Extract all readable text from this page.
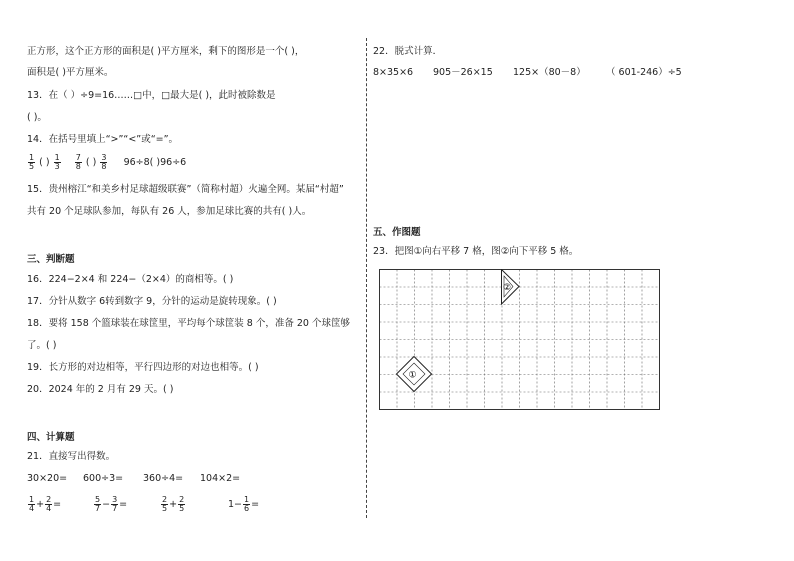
正方形，这个正方形的面积是( )平方厘米，剩下的图形是一个( )，
面积是( )平方厘米。
13．在（ ）÷9=16……□中，□最大是( )，此时被除数是
( )。
14．在括号里填上“>”“<”或“=”。
$\frac{1}{5}$ ( ) $\frac{1}{3}$
$\frac{7}{8}$ ( ) $\frac{3}{8} 96\div 8$( )96÷6
15．贵州榕江“和美乡村足球超级联赛”（简称村超）火遍全网。某届“村超”
共有 20 个足球队参加，每队有 26 人，参加足球比赛的共有( )人。
三、判断题
16．224−2×4 和 224−（2×4）的商相等。( )
17．分针从数字 6转到数字 9，分针的运动是旋转现象。( )
18．要将 158 个篮球装在球筐里，平均每个球筐装 8 个，准备 20 个球筐够
了。( )
19．长方形的对边相等，平行四边形的对边也相等。( )
20．2024 年的 2 月有 29 天。( )
四、计算题
21．直接写出得数。
30×20= 600÷3= 360÷4= 104×2=
$\frac{1}{4} + \frac{2}{4}$ =	$\frac{5}{7} - \frac{3}{7}$ =	$\frac{2}{5} + \frac{2}{5}$	$1- \frac{1}{6}$ =
22．脱式计算．
8×35×6 905－26×15 125×（80－8） （ 601-246）÷5
五、作图题
23．把图①向右平移 7 格，图②向下平移 5 格。
①
②
